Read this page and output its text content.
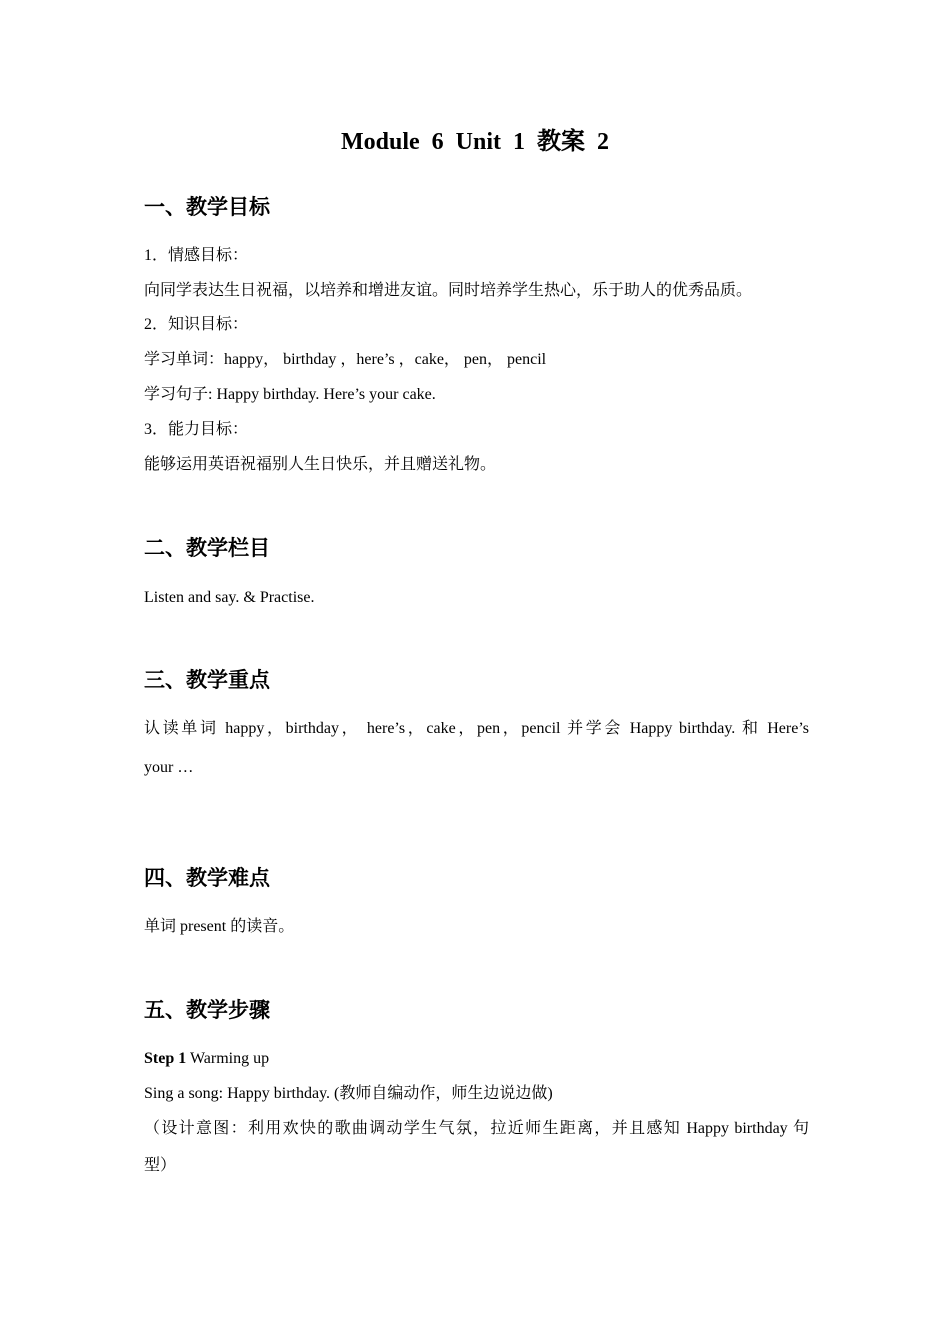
Module 6 Unit 1 教案 2
一、教学目标

1．情感目标：

向同学表达生日祝福，以培养和增进友谊。同时培养学生热心，乐于助人的优秀品质。

2．知识目标：

学习单词：happy， birthday ，here’s ，cake， pen， pencil

学习句子: Happy birthday. Here’s your cake.

3．能力目标：

能够运用英语祝福别人生日快乐，并且赠送礼物。

二、教学栏目

Listen and say. & Practise.

三、教学重点

认读单词 happy，birthday， here’s，cake，pen，pencil 并学会 Happy birthday. 和 Here’s

your …

四、教学难点

单词 present 的读音。

五、教学步骤

Step 1 Warming up

Sing a song: Happy birthday. (教师自编动作，师生边说边做)

（设计意图：利用欢快的歌曲调动学生气氛，拉近师生距离，并且感知 Happy birthday 句

型）
